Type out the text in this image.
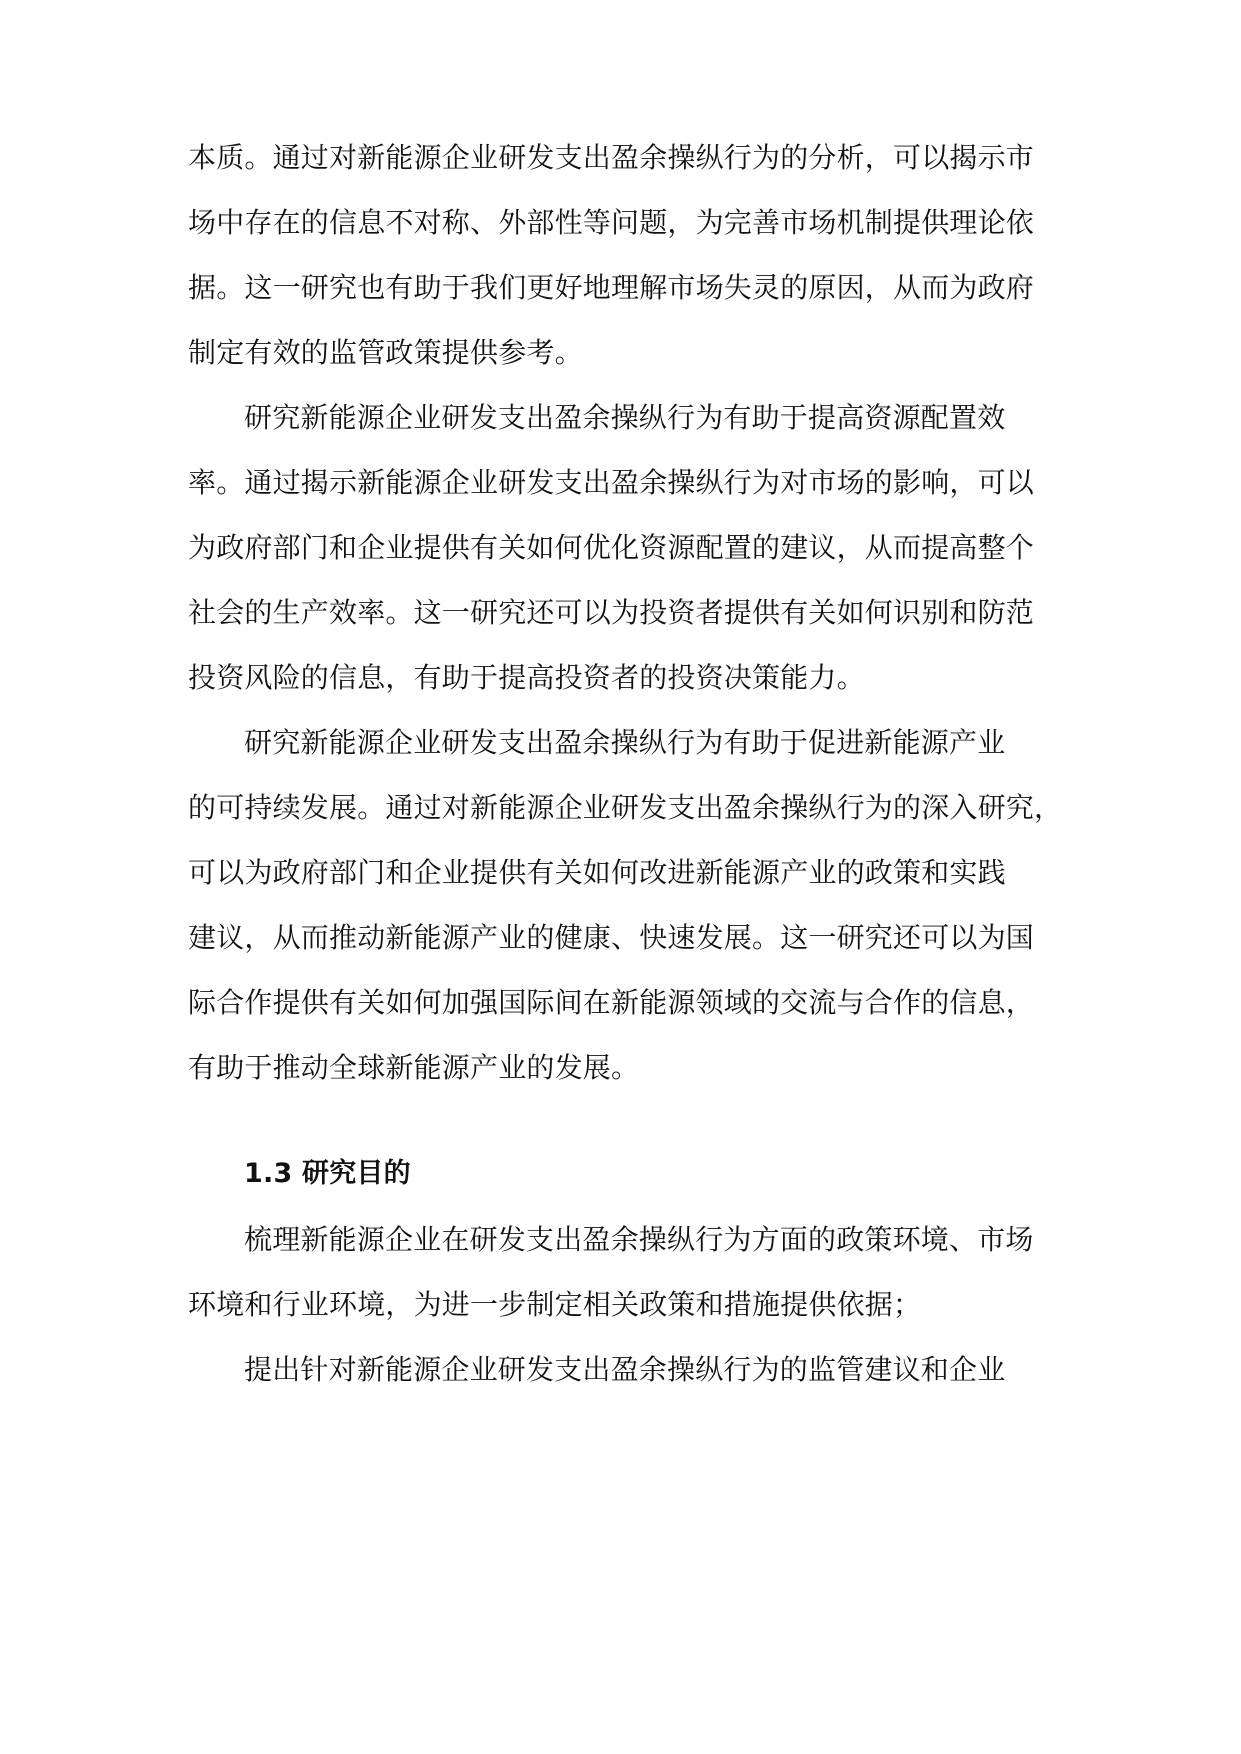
本质。通过对新能源企业研发支出盈余操纵行为的分析，可以揭示市
场中存在的信息不对称、外部性等问题，为完善市场机制提供理论依
据。这一研究也有助于我们更好地理解市场失灵的原因，从而为政府
制定有效的监管政策提供参考。
研究新能源企业研发支出盈余操纵行为有助于提高资源配置效
率。通过揭示新能源企业研发支出盈余操纵行为对市场的影响，可以
为政府部门和企业提供有关如何优化资源配置的建议，从而提高整个
社会的生产效率。这一研究还可以为投资者提供有关如何识别和防范
投资风险的信息，有助于提高投资者的投资决策能力。
研究新能源企业研发支出盈余操纵行为有助于促进新能源产业
的可持续发展。通过对新能源企业研发支出盈余操纵行为的深入研究，
可以为政府部门和企业提供有关如何改进新能源产业的政策和实践
建议，从而推动新能源产业的健康、快速发展。这一研究还可以为国
际合作提供有关如何加强国际间在新能源领域的交流与合作的信息，
有助于推动全球新能源产业的发展。
1.3 研究目的
梳理新能源企业在研发支出盈余操纵行为方面的政策环境、市场
环境和行业环境，为进一步制定相关政策和措施提供依据；
提出针对新能源企业研发支出盈余操纵行为的监管建议和企业
